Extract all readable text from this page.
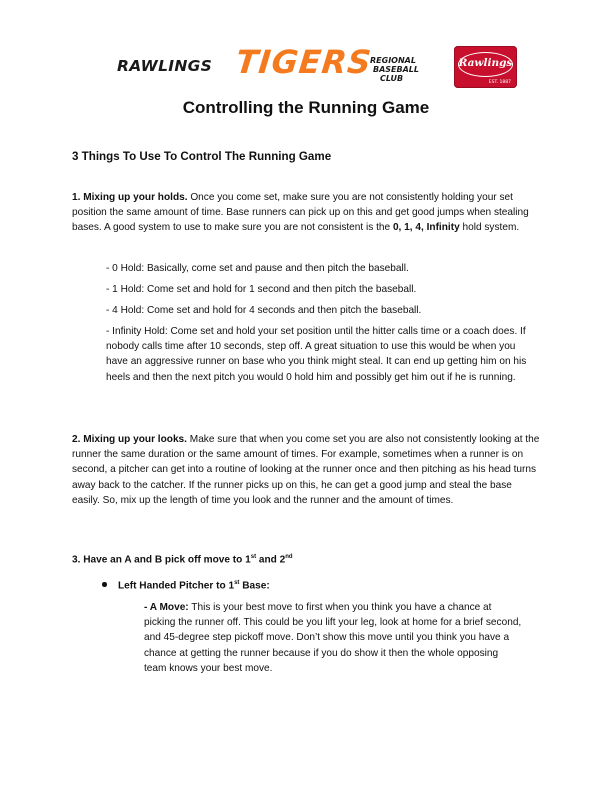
RAWLINGS TIGERS
REGIONAL
BASEBALL
CLUB
Rawlings
EST. 1887
Controlling the Running Game
3 Things To Use To Control The Running Game

1. Mixing up your holds. Once you come set, make sure you are not consistently holding your set position the same amount of time. Base runners can pick up on this and get good jumps when stealing bases. A good system to use to make sure you are not consistent is the 0, 1, 4, Infinity hold system.

- 0 Hold: Basically, come set and pause and then pitch the baseball.

- 1 Hold: Come set and hold for 1 second and then pitch the baseball.

- 4 Hold: Come set and hold for 4 seconds and then pitch the baseball.

- Infinity Hold: Come set and hold your set position until the hitter calls time or a coach does. If nobody calls time after 10 seconds, step off. A great situation to use this would be when you have an aggressive runner on base who you think might steal. It can end up getting him on his heels and then the next pitch you would 0 hold him and possibly get him out if he is running.

2. Mixing up your looks. Make sure that when you come set you are also not consistently looking at the runner the same duration or the same amount of times. For example, sometimes when a runner is on second, a pitcher can get into a routine of looking at the runner once and then pitching as his head turns away back to the catcher. If the runner picks up on this, he can get a good jump and steal the base easily. So, mix up the length of time you look and the runner and the amount of times.

3. Have an A and B pick off move to 1st and 2nd

Left Handed Pitcher to 1st Base:

- A Move: This is your best move to first when you think you have a chance at picking the runner off. This could be you lift your leg, look at home for a brief second, and 45-degree step pickoff move. Don’t show this move until you think you have a chance at getting the runner because if you do show it then the whole opposing team knows your best move.
